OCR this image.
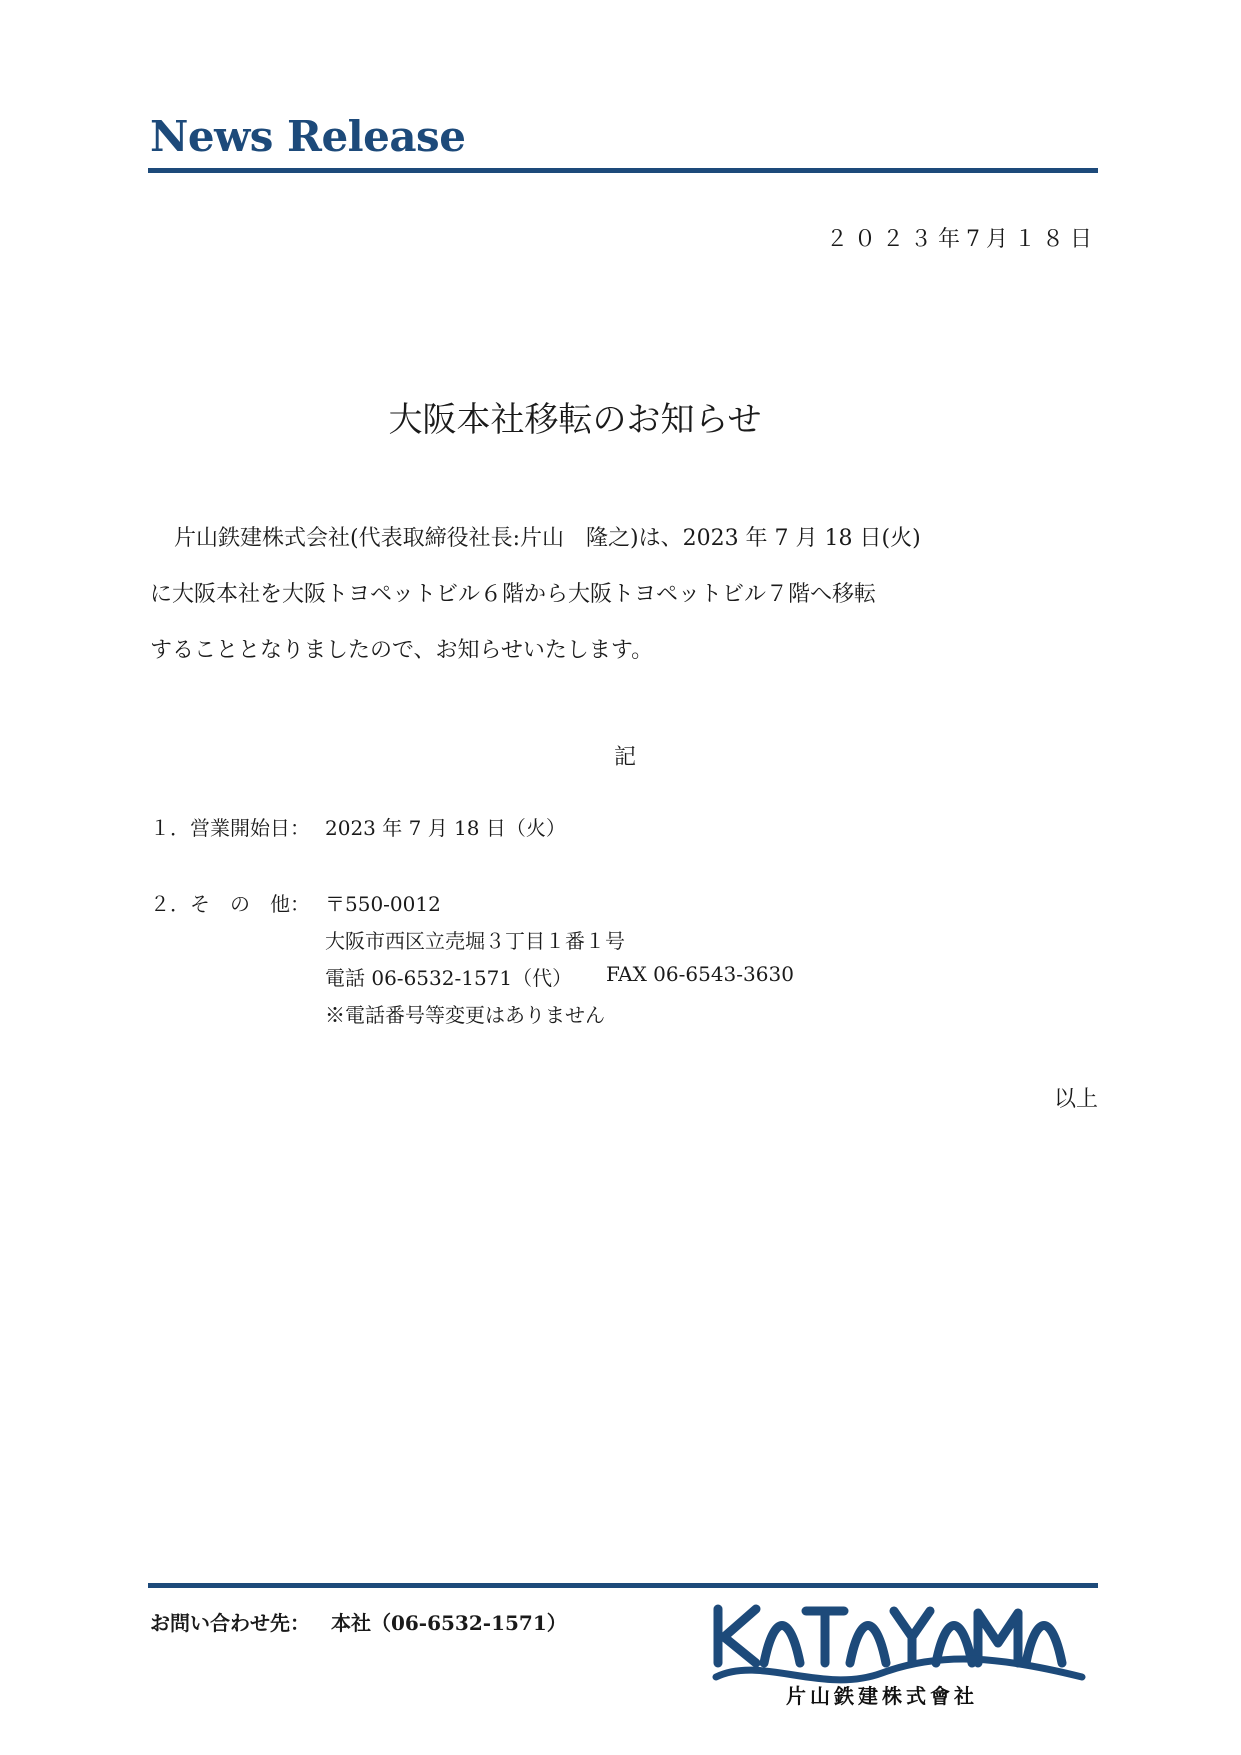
News Release
２０２３年7月１８日
大阪本社移転のお知らせ
片山鉄建株式会社(代表取締役社長:片山　隆之)は、2023 年 7 月 18 日(火)
に大阪本社を大阪トヨペットビル６階から大阪トヨペットビル７階へ移転
することとなりましたので、お知らせいたします。
記
１．営業開始日： 2023 年 7 月 18 日（火）
２．そ　の　他： 〒550-0012
大阪市西区立売堀３丁目１番１号
電話 06-6532-1571（代） FAX 06-6543-3630
※電話番号等変更はありません
以上
お問い合わせ先： 本社（06-6532-1571）
片山鉄建株式會社
